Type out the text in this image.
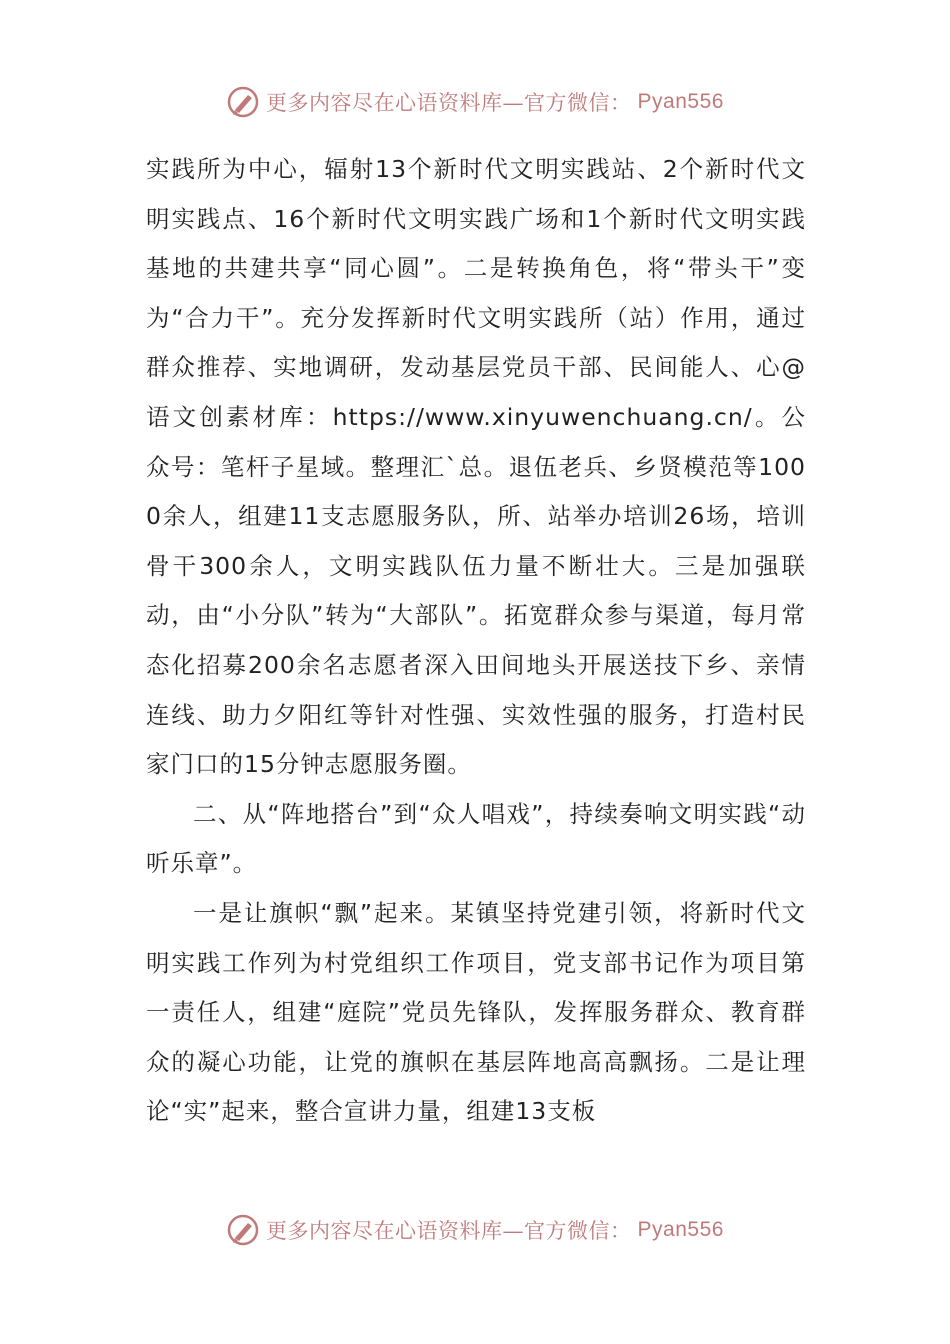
更多内容尽在心语资料库—官方微信： Pyan556

实践所为中心，辐射13个新时代文明实践站、2个新时代文明实践点、16个新时代文明实践广场和1个新时代文明实践基地的共建共享“同心圆”。二是转换角色，将“带头干”变为“合力干”。充分发挥新时代文明实践所（站）作用，通过群众推荐、实地调研，发动基层党员干部、民间能人、心@语文创素材库：https://www.xinyuwenchuang.cn/。公众号：笔杆子星域。整理汇`总。退伍老兵、乡贤模范等1000余人，组建11支志愿服务队，所、站举办培训26场，培训骨干300余人，文明实践队伍力量不断壮大。三是加强联动，由“小分队”转为“大部队”。拓宽群众参与渠道，每月常态化招募200余名志愿者深入田间地头开展送技下乡、亲情连线、助力夕阳红等针对性强、实效性强的服务，打造村民家门口的15分钟志愿服务圈。

二、从“阵地搭台”到“众人唱戏”，持续奏响文明实践“动听乐章”。

一是让旗帜“飘”起来。某镇坚持党建引领，将新时代文明实践工作列为村党组织工作项目，党支部书记作为项目第一责任人，组建“庭院”党员先锋队，发挥服务群众、教育群众的凝心功能，让党的旗帜在基层阵地高高飘扬。二是让理论“实”起来，整合宣讲力量，组建13支板

更多内容尽在心语资料库—官方微信： Pyan556
